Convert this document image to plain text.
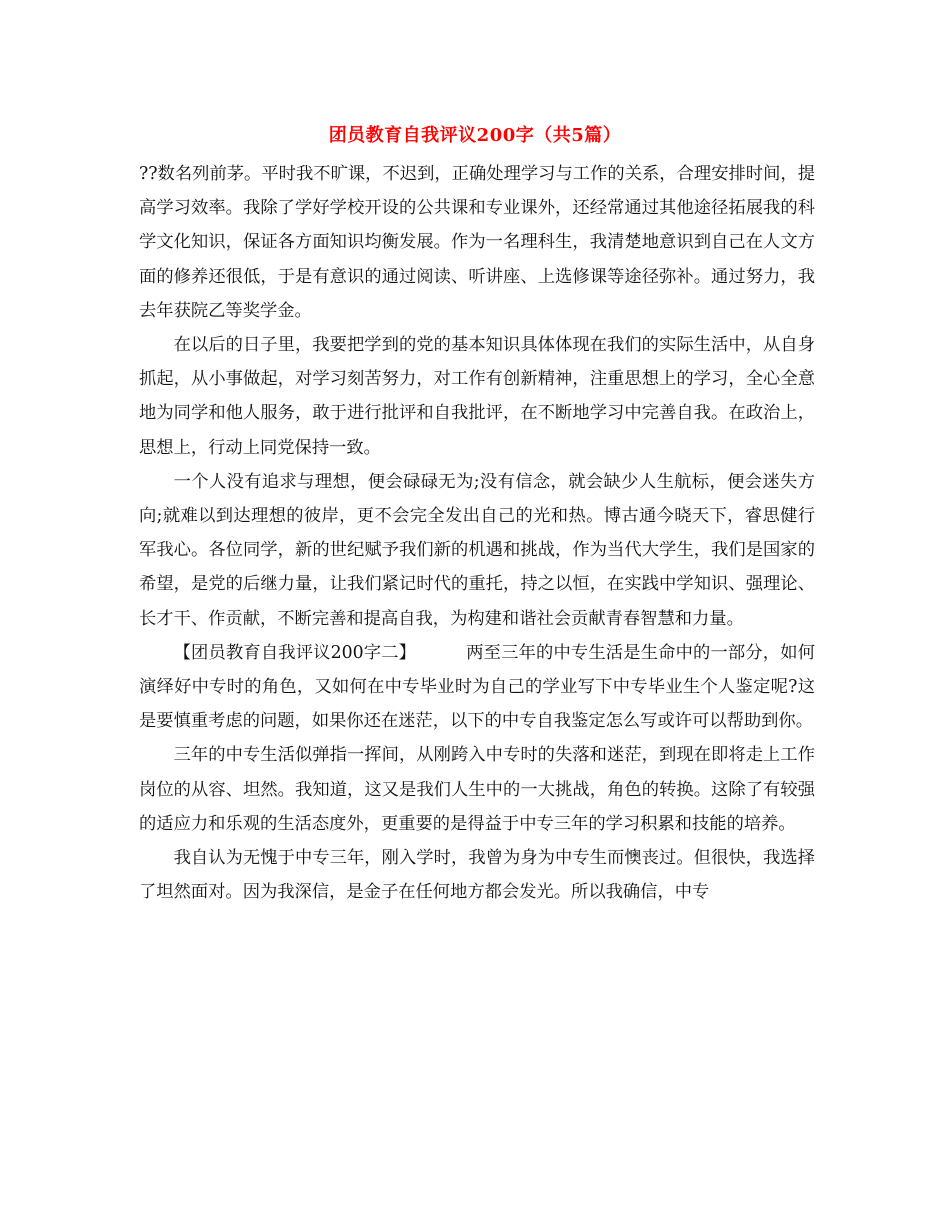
团员教育自我评议200字（共5篇）

??数名列前茅。平时我不旷课，不迟到，正确处理学习与工作的关系，合理安排时间，提高学习效率。我除了学好学校开设的公共课和专业课外，还经常通过其他途径拓展我的科学文化知识，保证各方面知识均衡发展。作为一名理科生，我清楚地意识到自己在人文方面的修养还很低，于是有意识的通过阅读、听讲座、上选修课等途径弥补。通过努力，我去年获院乙等奖学金。

在以后的日子里，我要把学到的党的基本知识具体体现在我们的实际生活中，从自身抓起，从小事做起，对学习刻苦努力，对工作有创新精神，注重思想上的学习，全心全意地为同学和他人服务，敢于进行批评和自我批评，在不断地学习中完善自我。在政治上，思想上，行动上同党保持一致。

一个人没有追求与理想，便会碌碌无为;没有信念，就会缺少人生航标，便会迷失方向;就难以到达理想的彼岸，更不会完全发出自己的光和热。博古通今晓天下，睿思健行军我心。各位同学，新的世纪赋予我们新的机遇和挑战，作为当代大学生，我们是国家的希望，是党的后继力量，让我们紧记时代的重托，持之以恒，在实践中学知识、强理论、长才干、作贡献，不断完善和提高自我，为构建和谐社会贡献青春智慧和力量。

【团员教育自我评议200字二】	两至三年的中专生活是生命中的一部分，如何演绎好中专时的角色，又如何在中专毕业时为自己的学业写下中专毕业生个人鉴定呢?这是要慎重考虑的问题，如果你还在迷茫，以下的中专自我鉴定怎么写或许可以帮助到你。

三年的中专生活似弹指一挥间，从刚跨入中专时的失落和迷茫，到现在即将走上工作岗位的从容、坦然。我知道，这又是我们人生中的一大挑战，角色的转换。这除了有较强的适应力和乐观的生活态度外，更重要的是得益于中专三年的学习积累和技能的培养。

我自认为无愧于中专三年，刚入学时，我曾为身为中专生而懊丧过。但很快，我选择了坦然面对。因为我深信，是金子在任何地方都会发光。所以我确信，中专
